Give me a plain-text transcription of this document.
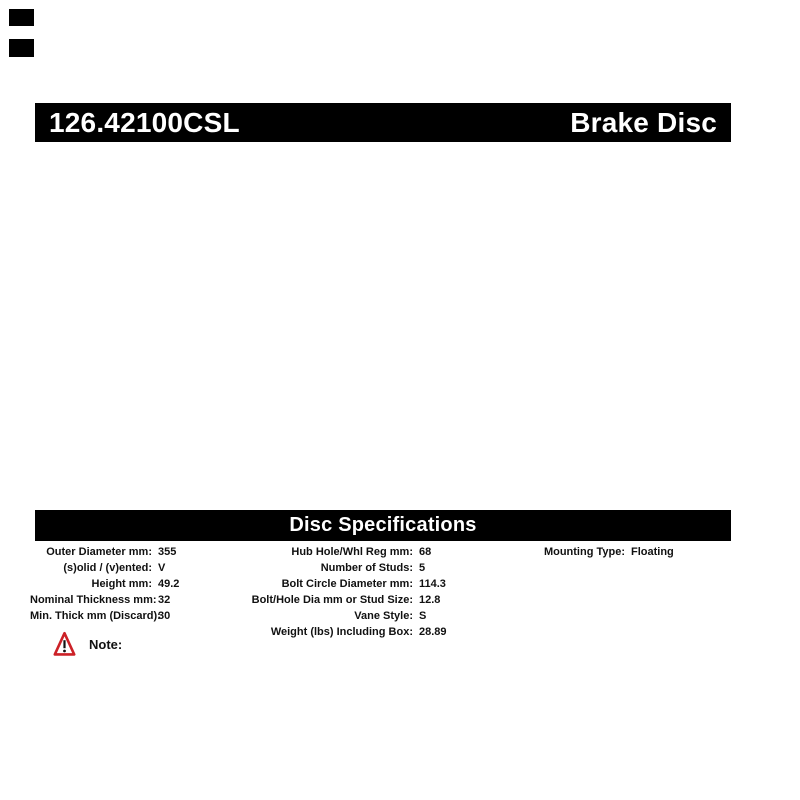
126.42100CSL	Brake Disc
Disc Specifications
Outer Diameter mm: 355
(s)olid / (v)ented: V
Height mm: 49.2
Nominal Thickness mm: 32
Min. Thick mm (Discard):
30
Hub Hole/Whl Reg mm: 68
Number of Studs: 5
Bolt Circle Diameter mm: 114.3
Bolt/Hole Dia mm or Stud Size: 12.8
Vane Style: S
Weight (lbs) Including Box: 28.89
Mounting Type: Floating
Note:
